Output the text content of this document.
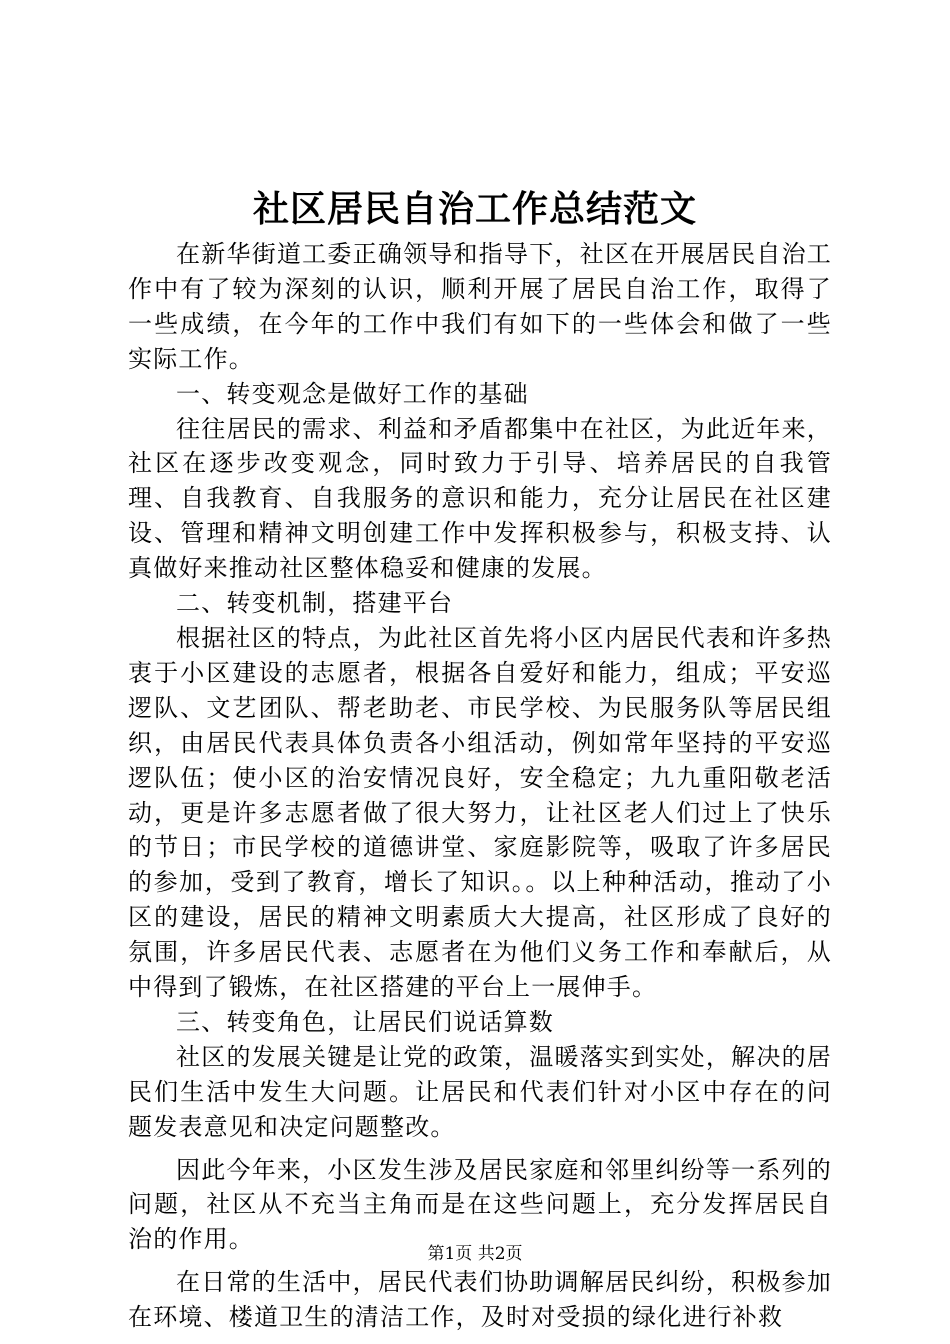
社区居民自治工作总结范文

在新华街道工委正确领导和指导下，社区在开展居民自治工作中有了较为深刻的认识，顺利开展了居民自治工作，取得了一些成绩，在今年的工作中我们有如下的一些体会和做了一些实际工作。

一、转变观念是做好工作的基础

往往居民的需求、利益和矛盾都集中在社区，为此近年来，社区在逐步改变观念，同时致力于引导、培养居民的自我管理、自我教育、自我服务的意识和能力，充分让居民在社区建设、管理和精神文明创建工作中发挥积极参与，积极支持、认真做好来推动社区整体稳妥和健康的发展。

二、转变机制，搭建平台

根据社区的特点，为此社区首先将小区内居民代表和许多热衷于小区建设的志愿者，根据各自爱好和能力，组成；平安巡逻队、文艺团队、帮老助老、市民学校、为民服务队等居民组织，由居民代表具体负责各小组活动，例如常年坚持的平安巡逻队伍；使小区的治安情况良好，安全稳定；九九重阳敬老活动，更是许多志愿者做了很大努力，让社区老人们过上了快乐的节日；市民学校的道德讲堂、家庭影院等，吸取了许多居民的参加，受到了教育，增长了知识。。以上种种活动，推动了小区的建设，居民的精神文明素质大大提高，社区形成了良好的氛围，许多居民代表、志愿者在为他们义务工作和奉献后，从中得到了锻炼，在社区搭建的平台上一展伸手。

三、转变角色，让居民们说话算数

社区的发展关键是让党的政策，温暖落实到实处，解决的居民们生活中发生大问题。让居民和代表们针对小区中存在的问题发表意见和决定问题整改。

因此今年来，小区发生涉及居民家庭和邻里纠纷等一系列的问题，社区从不充当主角而是在这些问题上，充分发挥居民自治的作用。

在日常的生活中，居民代表们协助调解居民纠纷，积极参加在环境、楼道卫生的清洁工作，及时对受损的绿化进行补救

第1页 共2页
